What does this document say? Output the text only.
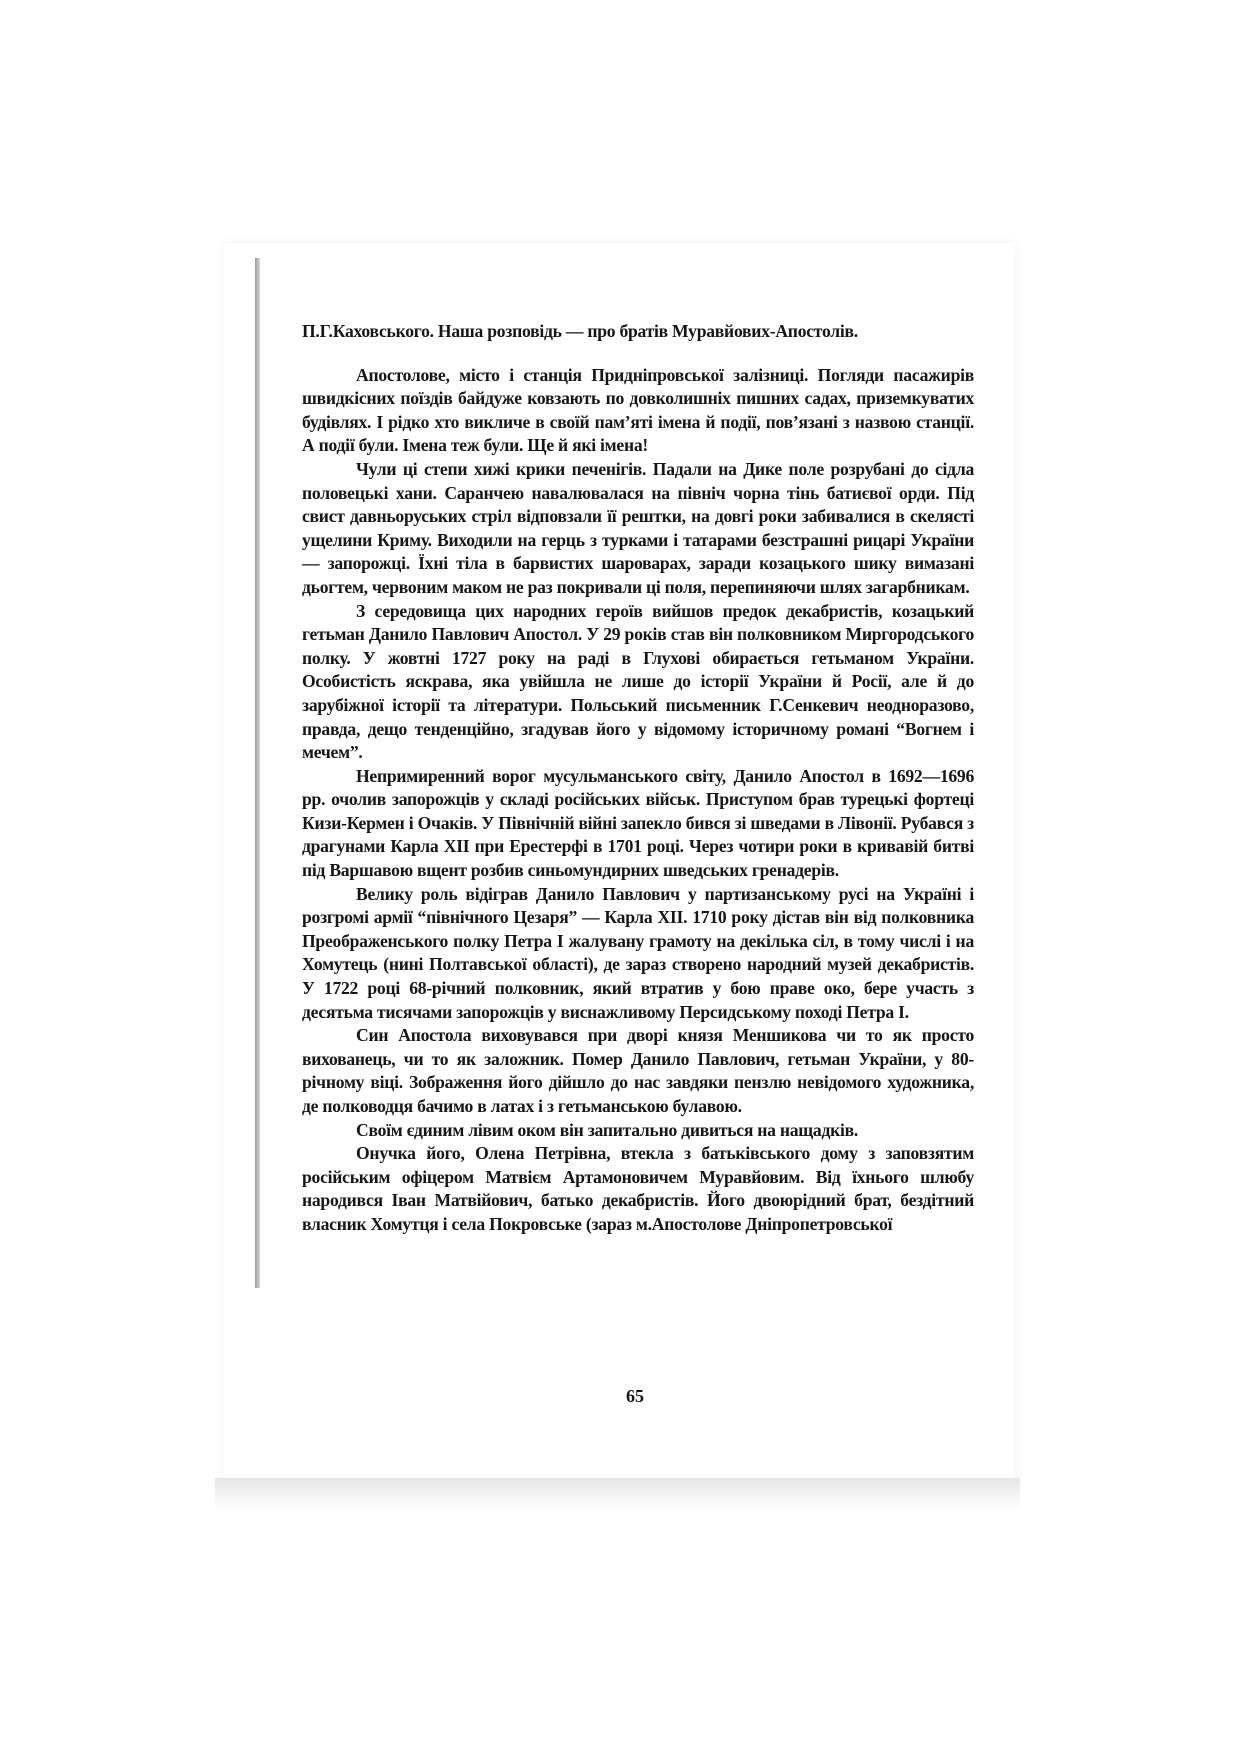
П.Г.Каховського. Наша розповідь — про братів Муравйових-Апостолів.

Апостолове, місто і станція Придніпровської залізниці. Погляди пасажирів швидкісних поїздів байдуже ковзають по довколишніх пишних садах, приземкуватих будівлях. І рідко хто викличе в своїй пам’яті імена й події, пов’язані з назвою станції. А події були. Імена теж були. Ще й які імена!

Чули ці степи хижі крики печенігів. Падали на Дике поле розрубані до сідла половецькі хани. Саранчею навалювалася на північ чорна тінь батиєвої орди. Під свист давньоруських стріл відповзали її рештки, на довгі роки забивалися в скелясті ущелини Криму. Виходили на герць з турками і татарами безстрашні рицарі України — запорожці. Їхні тіла в барвистих шароварах, заради козацького шику вимазані дьогтем, червоним маком не раз покривали ці поля, перепиняючи шлях загарбникам.

З середовища цих народних героїв вийшов предок декабристів, козацький гетьман Данило Павлович Апостол. У 29 років став він полковником Миргородського полку. У жовтні 1727 року на раді в Глухові обирається гетьманом України. Особистість яскрава, яка увійшла не лише до історії України й Росії, але й до зарубіжної історії та літератури. Польський письменник Г.Сенкевич неодноразово, правда, дещо тенденційно, згадував його у відомому історичному романі “Вогнем і мечем”.

Непримиренний ворог мусульманського світу, Данило Апостол в 1692—1696 рр. очолив запорожців у складі російських військ. Приступом брав турецькі фортеці Кизи-Кермен і Очаків. У Північній війні запекло бився зі шведами в Лівонії. Рубався з драгунами Карла XII при Ерестерфі в 1701 році. Через чотири роки в кривавій битві під Варшавою вщент розбив синьомундирних шведських гренадерів.

Велику роль відіграв Данило Павлович у партизанському русі на Україні і розгромі армії “північного Цезаря” — Карла XII. 1710 року дістав він від полковника Преображенського полку Петра І жалувану грамоту на декілька сіл, в тому числі і на Хомутець (нині Полтавської області), де зараз створено народний музей декабристів. У 1722 році 68-річний полковник, який втратив у бою праве око, бере участь з десятьма тисячами запорожців у виснажливому Персидському поході Петра І.

Син Апостола виховувався при дворі князя Меншикова чи то як просто вихованець, чи то як заложник. Помер Данило Павлович, гетьман України, у 80-річному віці. Зображення його дійшло до нас завдяки пензлю невідомого художника, де полководця бачимо в латах і з гетьманською булавою.

Своїм єдиним лівим оком він запитально дивиться на нащадків.

Онучка його, Олена Петрівна, втекла з батьківського дому з заповзятим російським офіцером Матвієм Артамоновичем Муравйовим. Від їхнього шлюбу народився Іван Матвійович, батько декабристів. Його двоюрідний брат, бездітний власник Хомутця і села Покровське (зараз м.Апостолове Дніпропетровської

65
